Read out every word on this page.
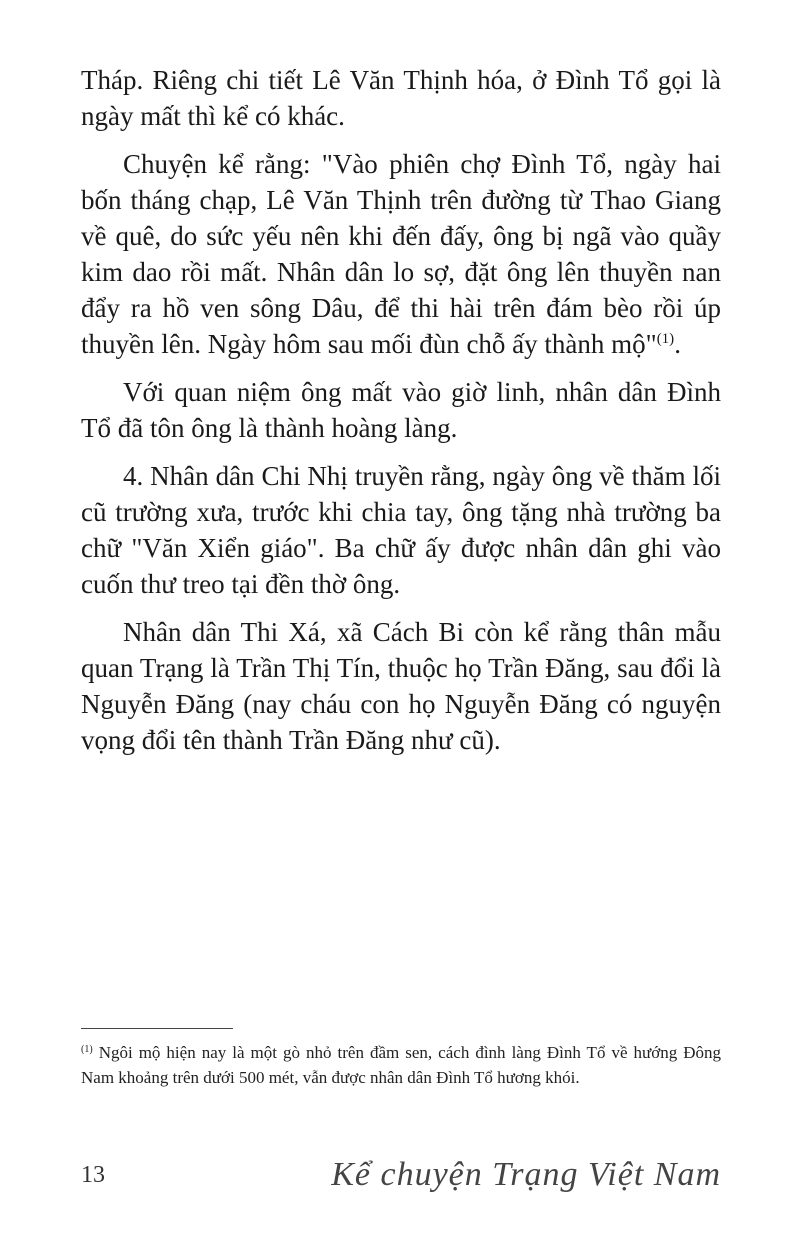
Tháp. Riêng chi tiết Lê Văn Thịnh hóa, ở Đình Tổ gọi là ngày mất thì kể có khác.

Chuyện kể rằng: "Vào phiên chợ Đình Tổ, ngày hai bốn tháng chạp, Lê Văn Thịnh trên đường từ Thao Giang về quê, do sức yếu nên khi đến đấy, ông bị ngã vào quầy kim dao rồi mất. Nhân dân lo sợ, đặt ông lên thuyền nan đẩy ra hồ ven sông Dâu, để thi hài trên đám bèo rồi úp thuyền lên. Ngày hôm sau mối đùn chỗ ấy thành mộ"$^{(1)}$.

Với quan niệm ông mất vào giờ linh, nhân dân Đình Tổ đã tôn ông là thành hoàng làng.

4. Nhân dân Chi Nhị truyền rằng, ngày ông về thăm lối cũ trường xưa, trước khi chia tay, ông tặng nhà trường ba chữ "Văn Xiển giáo". Ba chữ ấy được nhân dân ghi vào cuốn thư treo tại đền thờ ông.

Nhân dân Thi Xá, xã Cách Bi còn kể rằng thân mẫu quan Trạng là Trần Thị Tín, thuộc họ Trần Đăng, sau đổi là Nguyễn Đăng (nay cháu con họ Nguyễn Đăng có nguyện vọng đổi tên thành Trần Đăng như cũ).

$^{(1)}$ Ngôi mộ hiện nay là một gò nhỏ trên đầm sen, cách đình làng Đình Tổ về hướng Đông Nam khoảng trên dưới 500 mét, vẫn được nhân dân Đình Tổ hương khói.
13	Kể chuyện Trạng Việt Nam
